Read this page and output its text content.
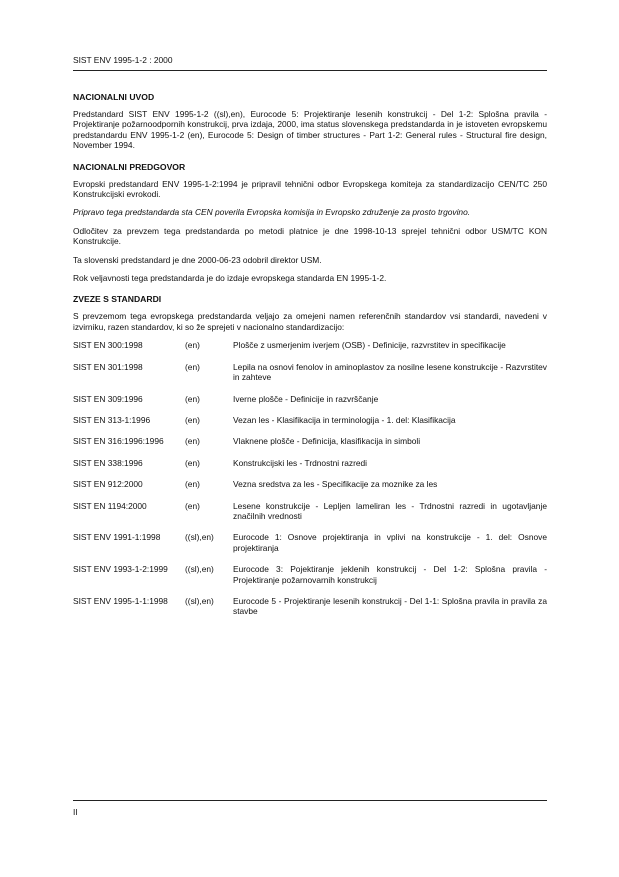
SIST ENV 1995-1-2 : 2000
NACIONALNI UVOD

Predstandard SIST ENV 1995-1-2 ((sl),en), Eurocode 5: Projektiranje lesenih konstrukcij - Del 1-2: Splošna pravila - Projektiranje požarnoodpornih konstrukcij, prva izdaja, 2000, ima status slovenskega predstandarda in je istoveten evropskemu predstandardu ENV 1995-1-2 (en), Eurocode 5: Design of timber structures - Part 1-2: General rules - Structural fire design, November 1994.

NACIONALNI PREDGOVOR

Evropski predstandard ENV 1995-1-2:1994 je pripravil tehnični odbor Evropskega komiteja za standardizacijo CEN/TC 250 Konstrukcijski evrokodi.

Pripravo tega predstandarda sta CEN poverila Evropska komisija in Evropsko združenje za prosto trgovino.

Odločitev za prevzem tega predstandarda po metodi platnice je dne 1998-10-13 sprejel tehnični odbor USM/TC KON Konstrukcije.

Ta slovenski predstandard je dne 2000-06-23 odobril direktor USM.

Rok veljavnosti tega predstandarda je do izdaje evropskega standarda EN 1995-1-2.

ZVEZE S STANDARDI

S prevzemom tega evropskega predstandarda veljajo za omejeni namen referenčnih standardov vsi standardi, navedeni v izvirniku, razen standardov, ki so že sprejeti v nacionalno standardizacijo:

SIST EN 300:1998	(en)	Plošče z usmerjenim iverjem (OSB) - Definicije, razvrstitev in specifikacije
SIST EN 301:1998	(en)	Lepila na osnovi fenolov in aminoplastov za nosilne lesene konstrukcije - Razvrstitev in zahteve
SIST EN 309:1996	(en)	Iverne plošče - Definicije in razvrščanje
SIST EN 313-1:1996	(en)	Vezan les - Klasifikacija in terminologija - 1. del: Klasifikacija
SIST EN 316:1996:1996	(en)	Vlaknene plošče - Definicija, klasifikacija in simboli
SIST EN 338:1996	(en)	Konstrukcijski les - Trdnostni razredi
SIST EN 912:2000	(en)	Vezna sredstva za les - Specifikacije za moznike za les
SIST EN 1194:2000	(en)	Lesene konstrukcije - Lepljen lameliran les - Trdnostni razredi in ugotavljanje značilnih vrednosti
SIST ENV 1991-1:1998	((sl),en)	Eurocode 1: Osnove projektiranja in vplivi na konstrukcije - 1. del: Osnove projektiranja
SIST ENV 1993-1-2:1999	((sl),en)	Eurocode 3: Pojektiranje jeklenih konstrukcij - Del 1-2: Splošna pravila - Projektiranje požarnovarnih konstrukcij
SIST ENV 1995-1-1:1998	((sl),en)	Eurocode 5 - Projektiranje lesenih konstrukcij - Del 1-1: Splošna pravila in pravila za stavbe
II
